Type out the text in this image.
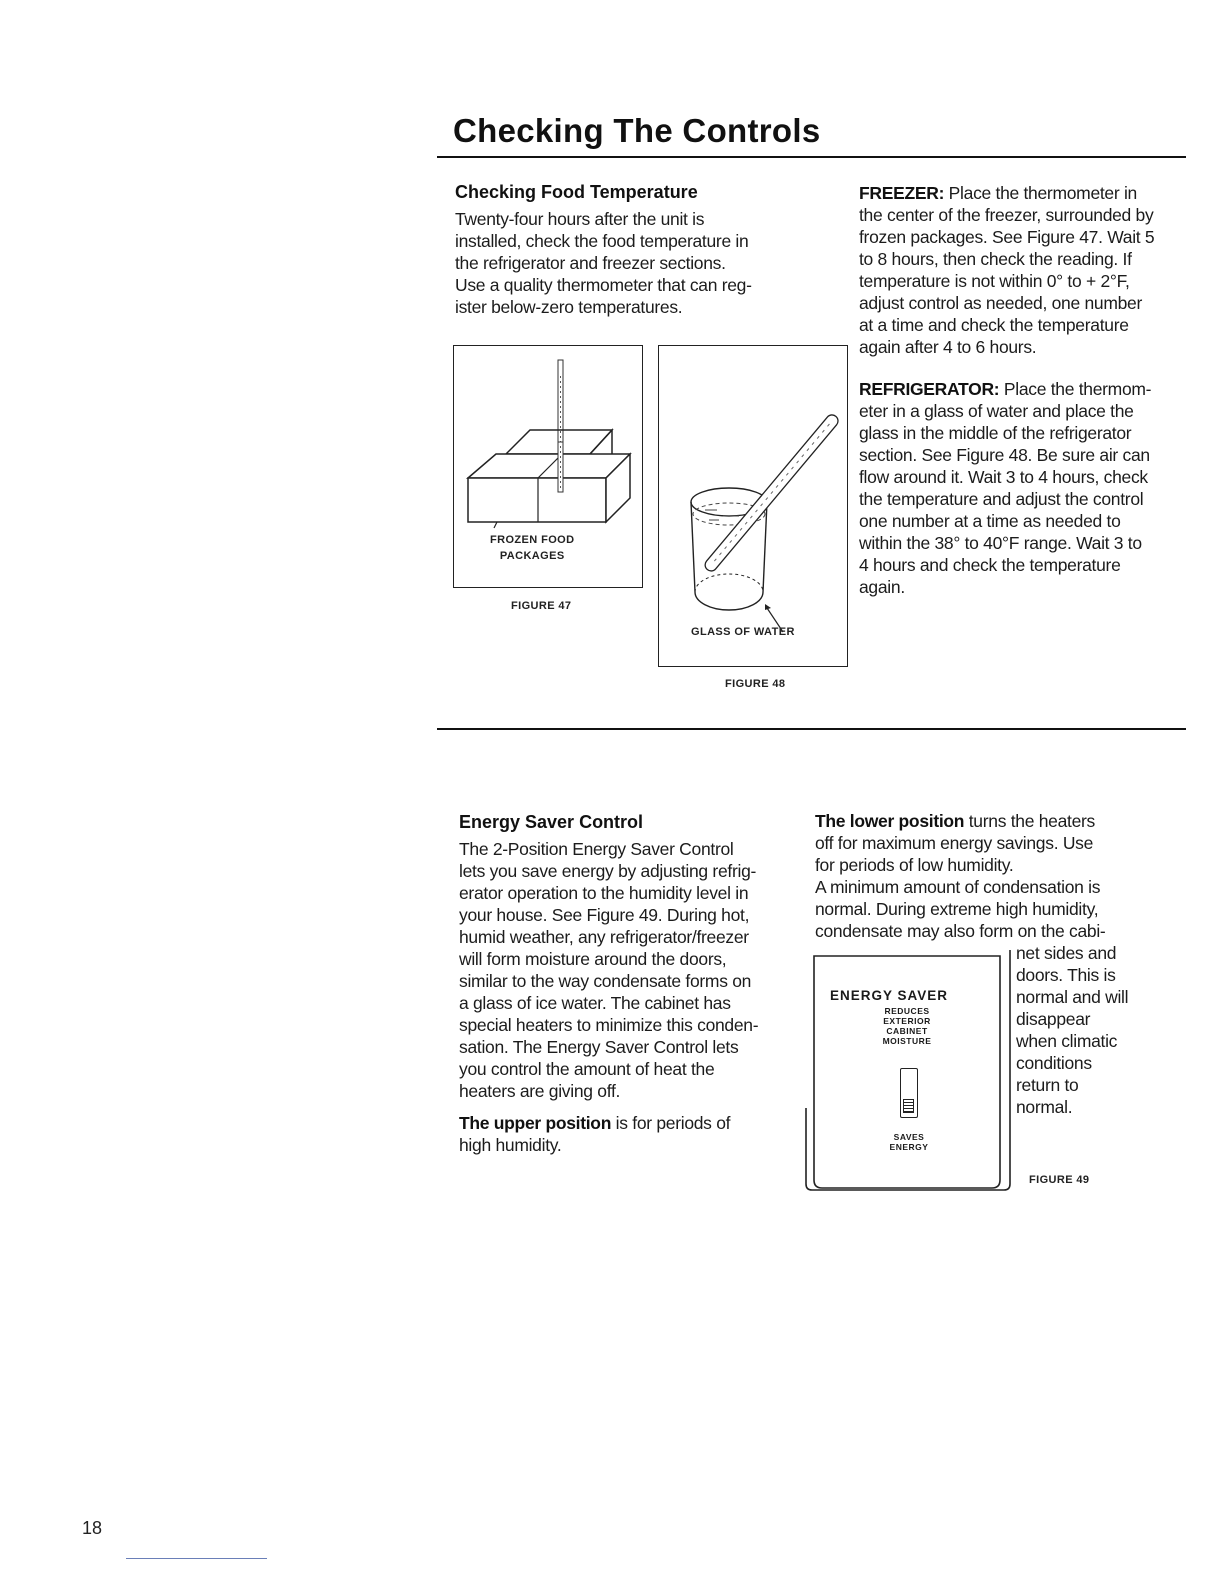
Checking The Controls
Checking Food Temperature

Twenty-four hours after the unit is

installed, check the food temperature in

the refrigerator and freezer sections.

Use a quality thermometer that can reg-

ister below-zero temperatures.

FREEZER: Place the thermometer in

the center of the freezer, surrounded by

frozen packages. See Figure 47. Wait 5

to 8 hours, then check the reading. If

temperature is not within 0° to + 2°F,

adjust control as needed, one number

at a time and check the temperature

again after 4 to 6 hours.

REFRIGERATOR: Place the thermom-

eter in a glass of water and place the

glass in the middle of the refrigerator

section. See Figure 48. Be sure air can

flow around it. Wait 3 to 4 hours, check

the temperature and adjust the control

one number at a time as needed to

within the 38° to 40°F range. Wait 3 to

4 hours and check the temperature

again.

FROZEN FOOD
PACKAGES
FIGURE 47
GLASS OF WATER
FIGURE 48
Energy Saver Control

The 2-Position Energy Saver Control

lets you save energy by adjusting refrig-

erator operation to the humidity level in

your house. See Figure 49. During hot,

humid weather, any refrigerator/freezer

will form moisture around the doors,

similar to the way condensate forms on

a glass of ice water. The cabinet has

special heaters to minimize this conden-

sation. The Energy Saver Control lets

you control the amount of heat the

heaters are giving off.

The upper position is for periods of

high humidity.

The lower position turns the heaters

off for maximum energy savings. Use

for periods of low humidity.

A minimum amount of condensation is

normal. During extreme high humidity,

condensate may also form on the cabi-

net sides and

doors. This is

normal and will

disappear

when climatic

conditions

return to

normal.

ENERGY SAVER
REDUCES
EXTERIOR
CABINET
MOISTURE
SAVES
ENERGY
FIGURE 49
18
